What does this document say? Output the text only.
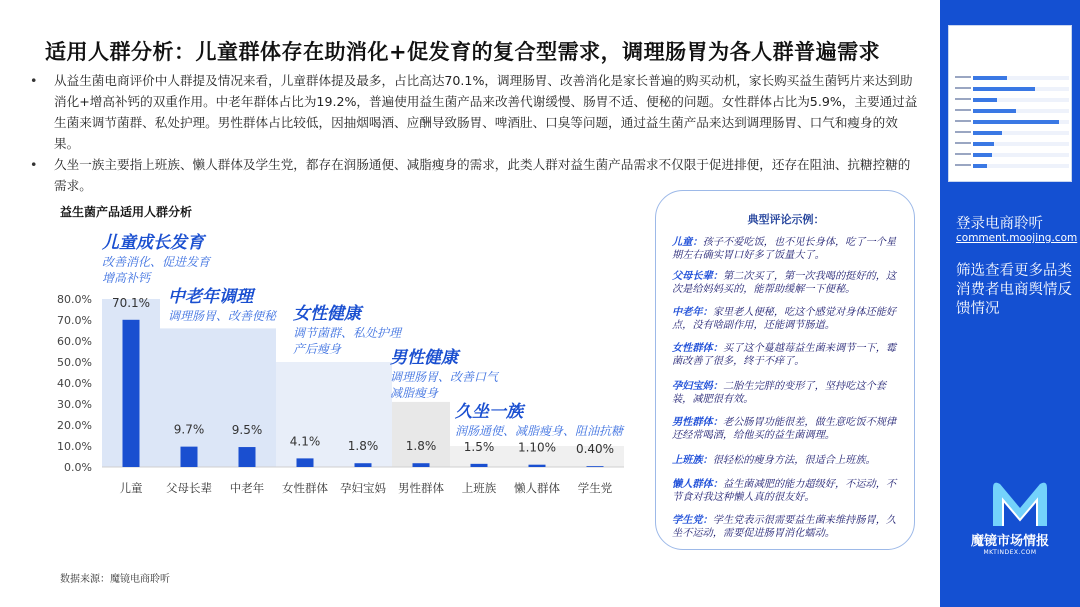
适用人群分析：儿童群体存在助消化+促发育的复合型需求，调理肠胃为各人群普遍需求
• 从益生菌电商评价中人群提及情况来看，儿童群体提及最多，占比高达70.1%，调理肠胃、改善消化是家长普遍的购买动机，家长购买益生菌钙片来达到助消化+增高补钙的双重作用。中老年群体占比为19.2%，普遍使用益生菌产品来改善代谢缓慢、肠胃不适、便秘的问题。女性群体占比为5.9%，主要通过益生菌来调节菌群、私处护理。男性群体占比较低，因抽烟喝酒、应酬导致肠胃、啤酒肚、口臭等问题，通过益生菌产品来达到调理肠胃、口气和瘦身的效果。
• 久坐一族主要指上班族、懒人群体及学生党，都存在润肠通便、减脂瘦身的需求，此类人群对益生菌产品需求不仅限于促进排便，还存在阻油、抗糖控糖的需求。
益生菌产品适用人群分析
0.0%
10.0%
20.0%
30.0%
40.0%
50.0%
60.0%
70.0%
80.0% 70.1%
儿童
9.7%
父母长辈
9.5%
中老年
4.1%
女性群体
1.8%
孕妇宝妈
1.8%
男性群体
1.5%
上班族
1.10%
懒人群体
0.40%
学生党
儿童成长发育
改善消化、促进发育
增高补钙
中老年调理
调理肠胃、改善便秘 女性健康
调节菌群、私处护理
产后瘦身	男性健康
调理肠胃、改善口气
减脂瘦身
久坐一族
润肠通便、减脂瘦身、阻油抗糖
数据来源：魔镜电商聆听
典型评论示例：
儿童：孩子不爱吃饭，也不见长身体，吃了一个星期左右确实胃口好多了饭量大了。
父母长辈：第二次买了，第一次我喝的挺好的，这次是给妈妈买的，能帮助缓解一下便秘。
中老年：家里老人便秘，吃这个感觉对身体还能好点，没有啥副作用，还能调节肠道。
女性群体：买了这个蔓越莓益生菌来调节一下，霉菌改善了很多，终于不痒了。
孕妇宝妈：二胎生完胖的变形了，坚持吃这个套装，减肥很有效。
男性群体：老公肠胃功能很差，做生意吃饭不规律还经常喝酒，给他买的益生菌调理。
上班族：很轻松的瘦身方法，很适合上班族。
懒人群体：益生菌减肥的能力超级好，不运动，不节食对我这种懒人真的很友好。
学生党：学生党表示很需要益生菌来维持肠胃，久坐不运动，需要促进肠胃消化蠕动。
登录电商聆听
comment.moojing.com
筛选查看更多品类消费者电商舆情反馈情况
魔镜市场情报
MKTINDEX.COM
